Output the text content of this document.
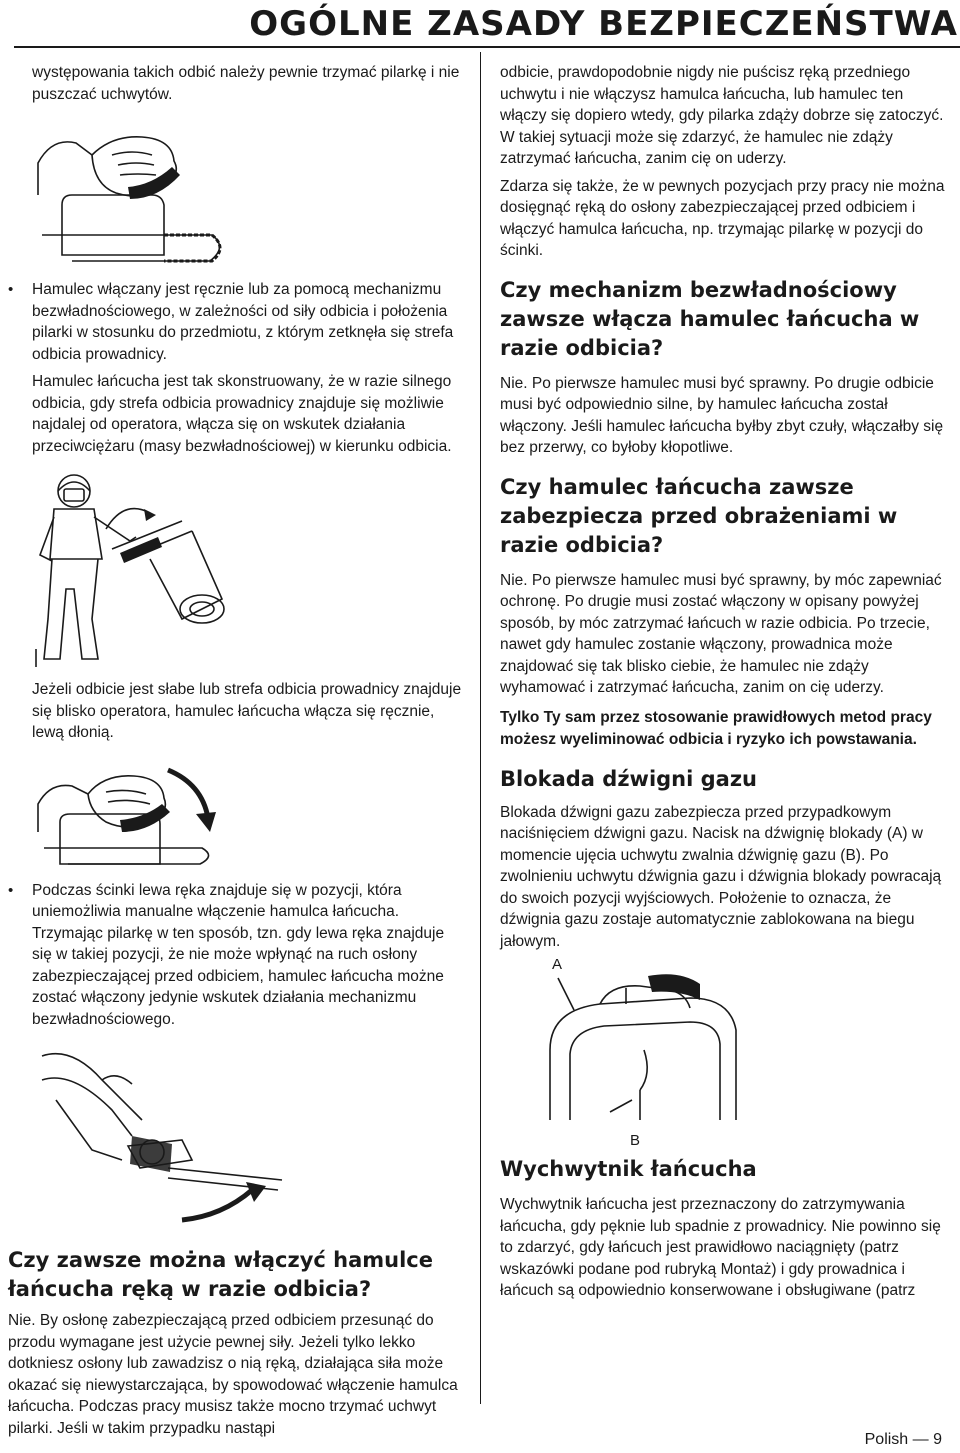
OGÓLNE ZASADY BEZPIECZEŃSTWA

występowania takich odbić należy pewnie trzymać pilarkę i nie puszczać uchwytów.

• Hamulec włączany jest ręcznie lub za pomocą mechanizmu bezwładnościowego, w zależności od siły odbicia i położenia pilarki w stosunku do przedmiotu, z którym zetknęła się strefa odbicia prowadnicy.

Hamulec łańcucha jest tak skonstruowany, że w razie silnego odbicia, gdy strefa odbicia prowadnicy znajduje się możliwie najdalej od operatora, włącza się on wskutek działania przeciwciężaru (masy bezwładnościowej) w kierunku odbicia.

Jeżeli odbicie jest słabe lub strefa odbicia prowadnicy znajduje się blisko operatora, hamulec łańcucha włącza się ręcznie, lewą dłonią.

• Podczas ścinki lewa ręka znajduje się w pozycji, która uniemożliwia manualne włączenie hamulca łańcucha. Trzymając pilarkę w ten sposób, tzn. gdy lewa ręka znajduje się w takiej pozycji, że nie może wpłynąć na ruch osłony zabezpieczającej przed odbiciem, hamulec łańcucha możne zostać włączony jedynie wskutek działania mechanizmu bezwładnościowego.

Czy zawsze można włączyć hamulce łańcucha ręką w razie odbicia?

Nie. By osłonę zabezpieczającą przed odbiciem przesunąć do przodu wymagane jest użycie pewnej siły. Jeżeli tylko lekko dotkniesz osłony lub zawadzisz o nią ręką, działająca siła może okazać się niewystarczająca, by spowodować włączenie hamulca łańcucha. Podczas pracy musisz także mocno trzymać uchwyt pilarki. Jeśli w takim przypadku nastąpi

odbicie, prawdopodobnie nigdy nie puścisz ręką przedniego uchwytu i nie włączysz hamulca łańcucha, lub hamulec ten włączy się dopiero wtedy, gdy pilarka zdąży dobrze się zatoczyć. W takiej sytuacji może się zdarzyć, że hamulec nie zdąży zatrzymać łańcucha, zanim cię on uderzy.

Zdarza się także, że w pewnych pozycjach przy pracy nie można dosięgnąć ręką do osłony zabezpieczającej przed odbiciem i włączyć hamulca łańcucha, np. trzymając pilarkę w pozycji do ścinki.

Czy mechanizm bezwładnościowy zawsze włącza hamulec łańcucha w razie odbicia?

Nie. Po pierwsze hamulec musi być sprawny. Po drugie odbicie musi być odpowiednio silne, by hamulec łańcucha został włączony. Jeśli hamulec łańcucha byłby zbyt czuły, włączałby się bez przerwy, co byłoby kłopotliwe.

Czy hamulec łańcucha zawsze zabezpiecza przed obrażeniami w razie odbicia?

Nie. Po pierwsze hamulec musi być sprawny, by móc zapewniać ochronę. Po drugie musi zostać włączony w opisany powyżej sposób, by móc zatrzymać łańcuch w razie odbicia. Po trzecie, nawet gdy hamulec zostanie włączony, prowadnica może znajdować się tak blisko ciebie, że hamulec nie zdąży wyhamować i zatrzymać łańcucha, zanim on cię uderzy.

Tylko Ty sam przez stosowanie prawidłowych metod pracy możesz wyeliminować odbicia i ryzyko ich powstawania.

Blokada dźwigni gazu

Blokada dźwigni gazu zabezpiecza przed przypadkowym naciśnięciem dźwigni gazu. Nacisk na dźwignię blokady (A) w momencie ujęcia uchwytu zwalnia dźwignię gazu (B). Po zwolnieniu uchwytu dźwignia gazu i dźwignia blokady powracają do swoich pozycji wyjściowych. Położenie to oznacza, że dźwignia gazu zostaje automatycznie zablokowana na biegu jałowym.

A
B
Wychwytnik łańcucha

Wychwytnik łańcucha jest przeznaczony do zatrzymywania łańcucha, gdy pęknie lub spadnie z prowadnicy. Nie powinno się to zdarzyć, gdy łańcuch jest prawidłowo naciągnięty (patrz wskazówki podane pod rubryką Montaż) i gdy prowadnica i łańcuch są odpowiednio konserwowane i obsługiwane (patrz

Polish — 9
